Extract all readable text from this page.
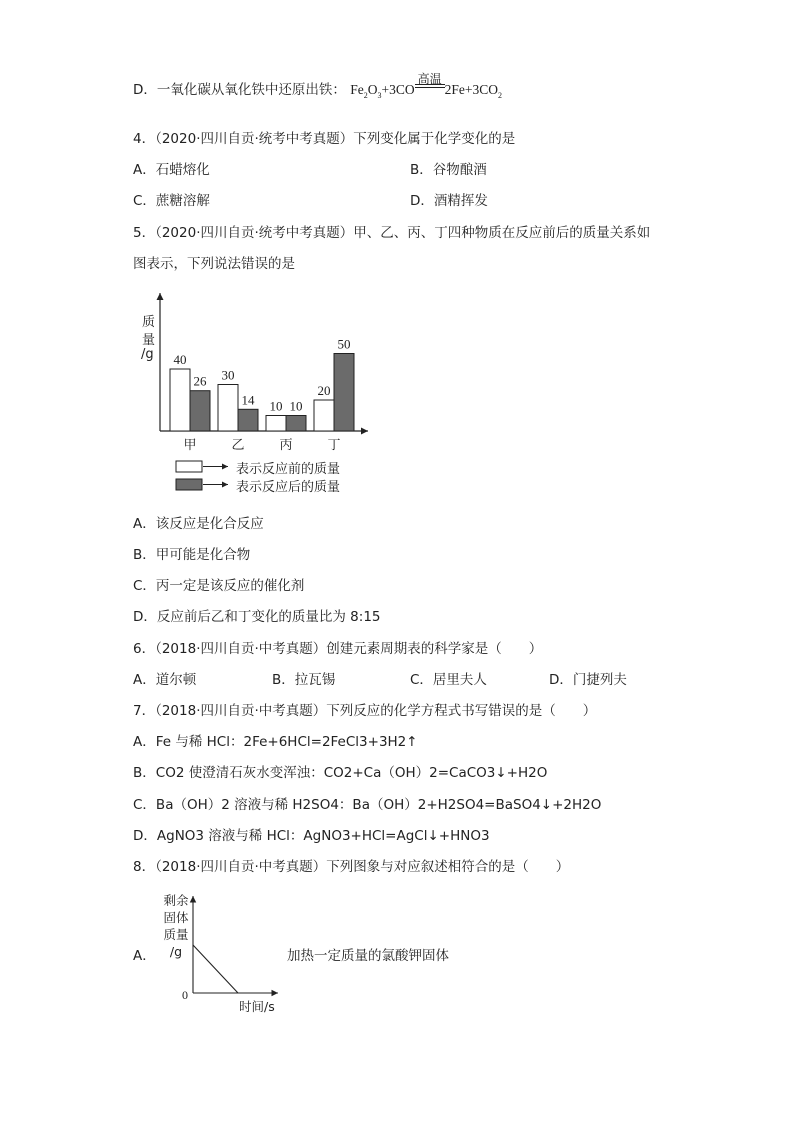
D．一氧化碳从氧化铁中还原出铁： $Fe_2O_3+3CO$
高温
$2Fe+3CO_2$
4．（2020·四川自贡·统考中考真题）下列变化属于化学变化的是
A．石蜡熔化	B．谷物酿酒
C．蔗糖溶解	D．酒精挥发
5．（2020·四川自贡·统考中考真题）甲、乙、丙、丁四种物质在反应前后的质量关系如
图表示，下列说法错误的是
40
26 30
14 10 10
20
50
甲	乙	丙	丁
质
量
/g
表示反应前的质量
表示反应后的质量
A．该反应是化合反应
B．甲可能是化合物
C．丙一定是该反应的催化剂
D．反应前后乙和丁变化的质量比为 8:15
6．（2018·四川自贡·中考真题）创建元素周期表的科学家是（　　）
A．道尔顿	B．拉瓦锡	C．居里夫人	D．门捷列夫
7．（2018·四川自贡·中考真题）下列反应的化学方程式书写错误的是（　　）
A．Fe 与稀 HCl：2Fe+6HCl=2FeCl3+3H2↑
B．CO2 使澄清石灰水变浑浊：CO2+Ca（OH）2=CaCO3↓+H2O
C．Ba（OH）2 溶液与稀 H2SO4：Ba（OH）2+H2SO4=BaSO4↓+2H2O
D．AgNO3 溶液与稀 HCl：AgNO3+HCl=AgCl↓+HNO3
8．（2018·四川自贡·中考真题）下列图象与对应叙述相符合的是（　　）
A．
剩余
固体
质量
/g
0
时间/s
加热一定质量的氯酸钾固体
